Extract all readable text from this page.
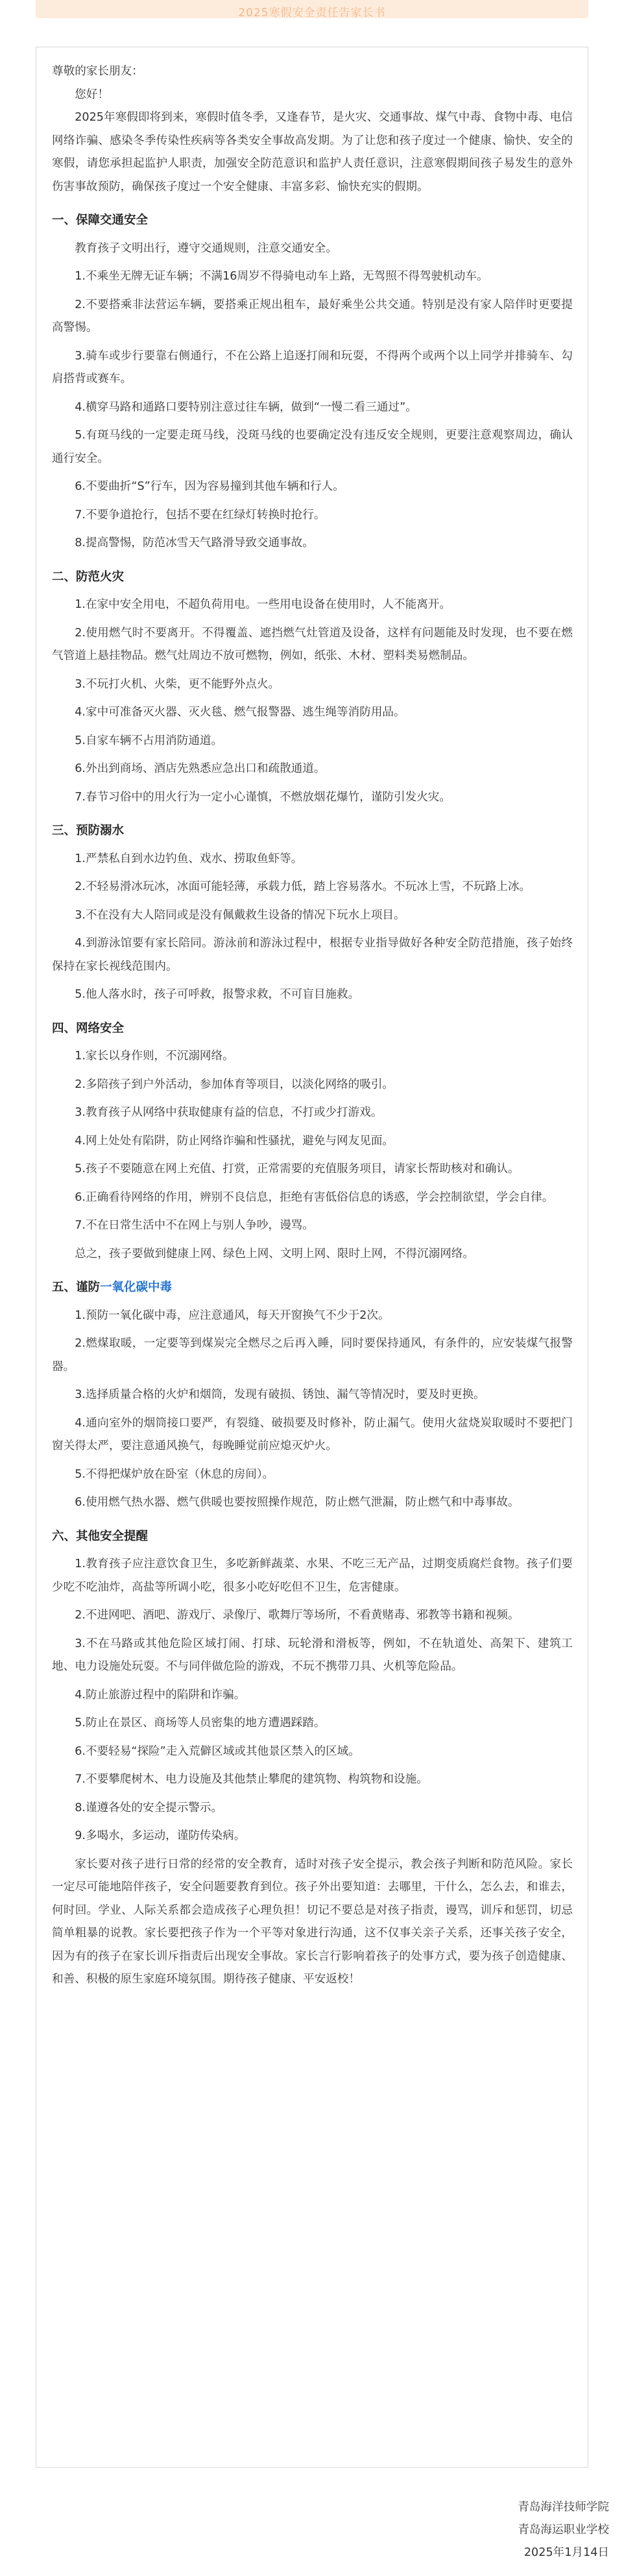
2025寒假安全责任告家长书

尊敬的家长朋友：

您好！

2025年寒假即将到来，寒假时值冬季，又逢春节，是火灾、交通事故、煤气中毒、食物中毒、电信网络诈骗、感染冬季传染性疾病等各类安全事故高发期。为了让您和孩子度过一个健康、愉快、安全的寒假，请您承担起监护人职责，加强安全防范意识和监护人责任意识，注意寒假期间孩子易发生的意外伤害事故预防，确保孩子度过一个安全健康、丰富多彩、愉快充实的假期。

一、保障交通安全

教育孩子文明出行，遵守交通规则，注意交通安全。

1.不乘坐无牌无证车辆；不满16周岁不得骑电动车上路，无驾照不得驾驶机动车。

2.不要搭乘非法营运车辆，要搭乘正规出租车，最好乘坐公共交通。特别是没有家人陪伴时更要提高警惕。

3.骑车或步行要靠右侧通行，不在公路上追逐打闹和玩耍，不得两个或两个以上同学并排骑车、勾肩搭背或赛车。

4.横穿马路和通路口要特别注意过往车辆，做到“一慢二看三通过”。

5.有斑马线的一定要走斑马线，没斑马线的也要确定没有违反安全规则，更要注意观察周边，确认通行安全。

6.不要曲折“S”行车，因为容易撞到其他车辆和行人。

7.不要争道抢行，包括不要在红绿灯转换时抢行。

8.提高警惕，防范冰雪天气路滑导致交通事故。

二、防范火灾

1.在家中安全用电，不超负荷用电。一些用电设备在使用时，人不能离开。

2.使用燃气时不要离开。不得覆盖、遮挡燃气灶管道及设备，这样有问题能及时发现，也不要在燃气管道上悬挂物品。燃气灶周边不放可燃物，例如，纸张、木材、塑料类易燃制品。

3.不玩打火机、火柴，更不能野外点火。

4.家中可准备灭火器、灭火毯、燃气报警器、逃生绳等消防用品。

5.自家车辆不占用消防通道。

6.外出到商场、酒店先熟悉应急出口和疏散通道。

7.春节习俗中的用火行为一定小心谨慎，不燃放烟花爆竹，谨防引发火灾。

三、预防溺水

1.严禁私自到水边钓鱼、戏水、捞取鱼虾等。

2.不轻易滑冰玩冰，冰面可能轻薄，承载力低，踏上容易落水。不玩冰上雪，不玩路上冰。

3.不在没有大人陪同或是没有佩戴救生设备的情况下玩水上项目。

4.到游泳馆要有家长陪同。游泳前和游泳过程中，根据专业指导做好各种安全防范措施，孩子始终保持在家长视线范围内。

5.他人落水时，孩子可呼救，报警求救，不可盲目施救。

四、网络安全

1.家长以身作则，不沉溺网络。

2.多陪孩子到户外活动，参加体育等项目，以淡化网络的吸引。

3.教育孩子从网络中获取健康有益的信息，不打或少打游戏。

4.网上处处有陷阱，防止网络诈骗和性骚扰，避免与网友见面。

5.孩子不要随意在网上充值、打赏，正常需要的充值服务项目，请家长帮助核对和确认。

6.正确看待网络的作用，辨别不良信息，拒绝有害低俗信息的诱惑，学会控制欲望，学会自律。

7.不在日常生活中不在网上与别人争吵，谩骂。

总之，孩子要做到健康上网、绿色上网、文明上网、限时上网，不得沉溺网络。

五、谨防一氧化碳中毒

1.预防一氧化碳中毒，应注意通风，每天开窗换气不少于2次。

2.燃煤取暖，一定要等到煤炭完全燃尽之后再入睡，同时要保持通风，有条件的，应安装煤气报警器。

3.选择质量合格的火炉和烟筒，发现有破损、锈蚀、漏气等情况时，要及时更换。

4.通向室外的烟筒接口要严，有裂缝、破损要及时修补，防止漏气。使用火盆烧炭取暖时不要把门窗关得太严，要注意通风换气，每晚睡觉前应熄灭炉火。

5.不得把煤炉放在卧室（休息的房间）。

6.使用燃气热水器、燃气供暖也要按照操作规范，防止燃气泄漏，防止燃气和中毒事故。

六、其他安全提醒

1.教育孩子应注意饮食卫生，多吃新鲜蔬菜、水果、不吃三无产品，过期变质腐烂食物。孩子们要少吃不吃油炸，高盐等所调小吃，很多小吃好吃但不卫生，危害健康。

2.不进网吧、酒吧、游戏厅、录像厅、歌舞厅等场所，不看黄赌毒、邪教等书籍和视频。

3.不在马路或其他危险区域打闹、打球、玩轮滑和滑板等，例如，不在轨道处、高架下、建筑工地、电力设施处玩耍。不与同伴做危险的游戏，不玩不携带刀具、火机等危险品。

4.防止旅游过程中的陷阱和诈骗。

5.防止在景区、商场等人员密集的地方遭遇踩踏。

6.不要轻易“探险”走入荒僻区域或其他景区禁入的区域。

7.不要攀爬树木、电力设施及其他禁止攀爬的建筑物、构筑物和设施。

8.谨遵各处的安全提示警示。

9.多喝水，多运动，谨防传染病。

家长要对孩子进行日常的经常的安全教育，适时对孩子安全提示，教会孩子判断和防范风险。家长一定尽可能地陪伴孩子，安全问题要教育到位。孩子外出要知道：去哪里，干什么，怎么去，和谁去，何时回。学业、人际关系都会造成孩子心理负担！切记不要总是对孩子指责，谩骂，训斥和惩罚，切忌简单粗暴的说教。家长要把孩子作为一个平等对象进行沟通，这不仅事关亲子关系，还事关孩子安全，因为有的孩子在家长训斥指责后出现安全事故。家长言行影响着孩子的处事方式，要为孩子创造健康、和善、积极的原生家庭环境氛围。期待孩子健康、平安返校！

青岛海洋技师学院
青岛海运职业学校
2025年1月14日
